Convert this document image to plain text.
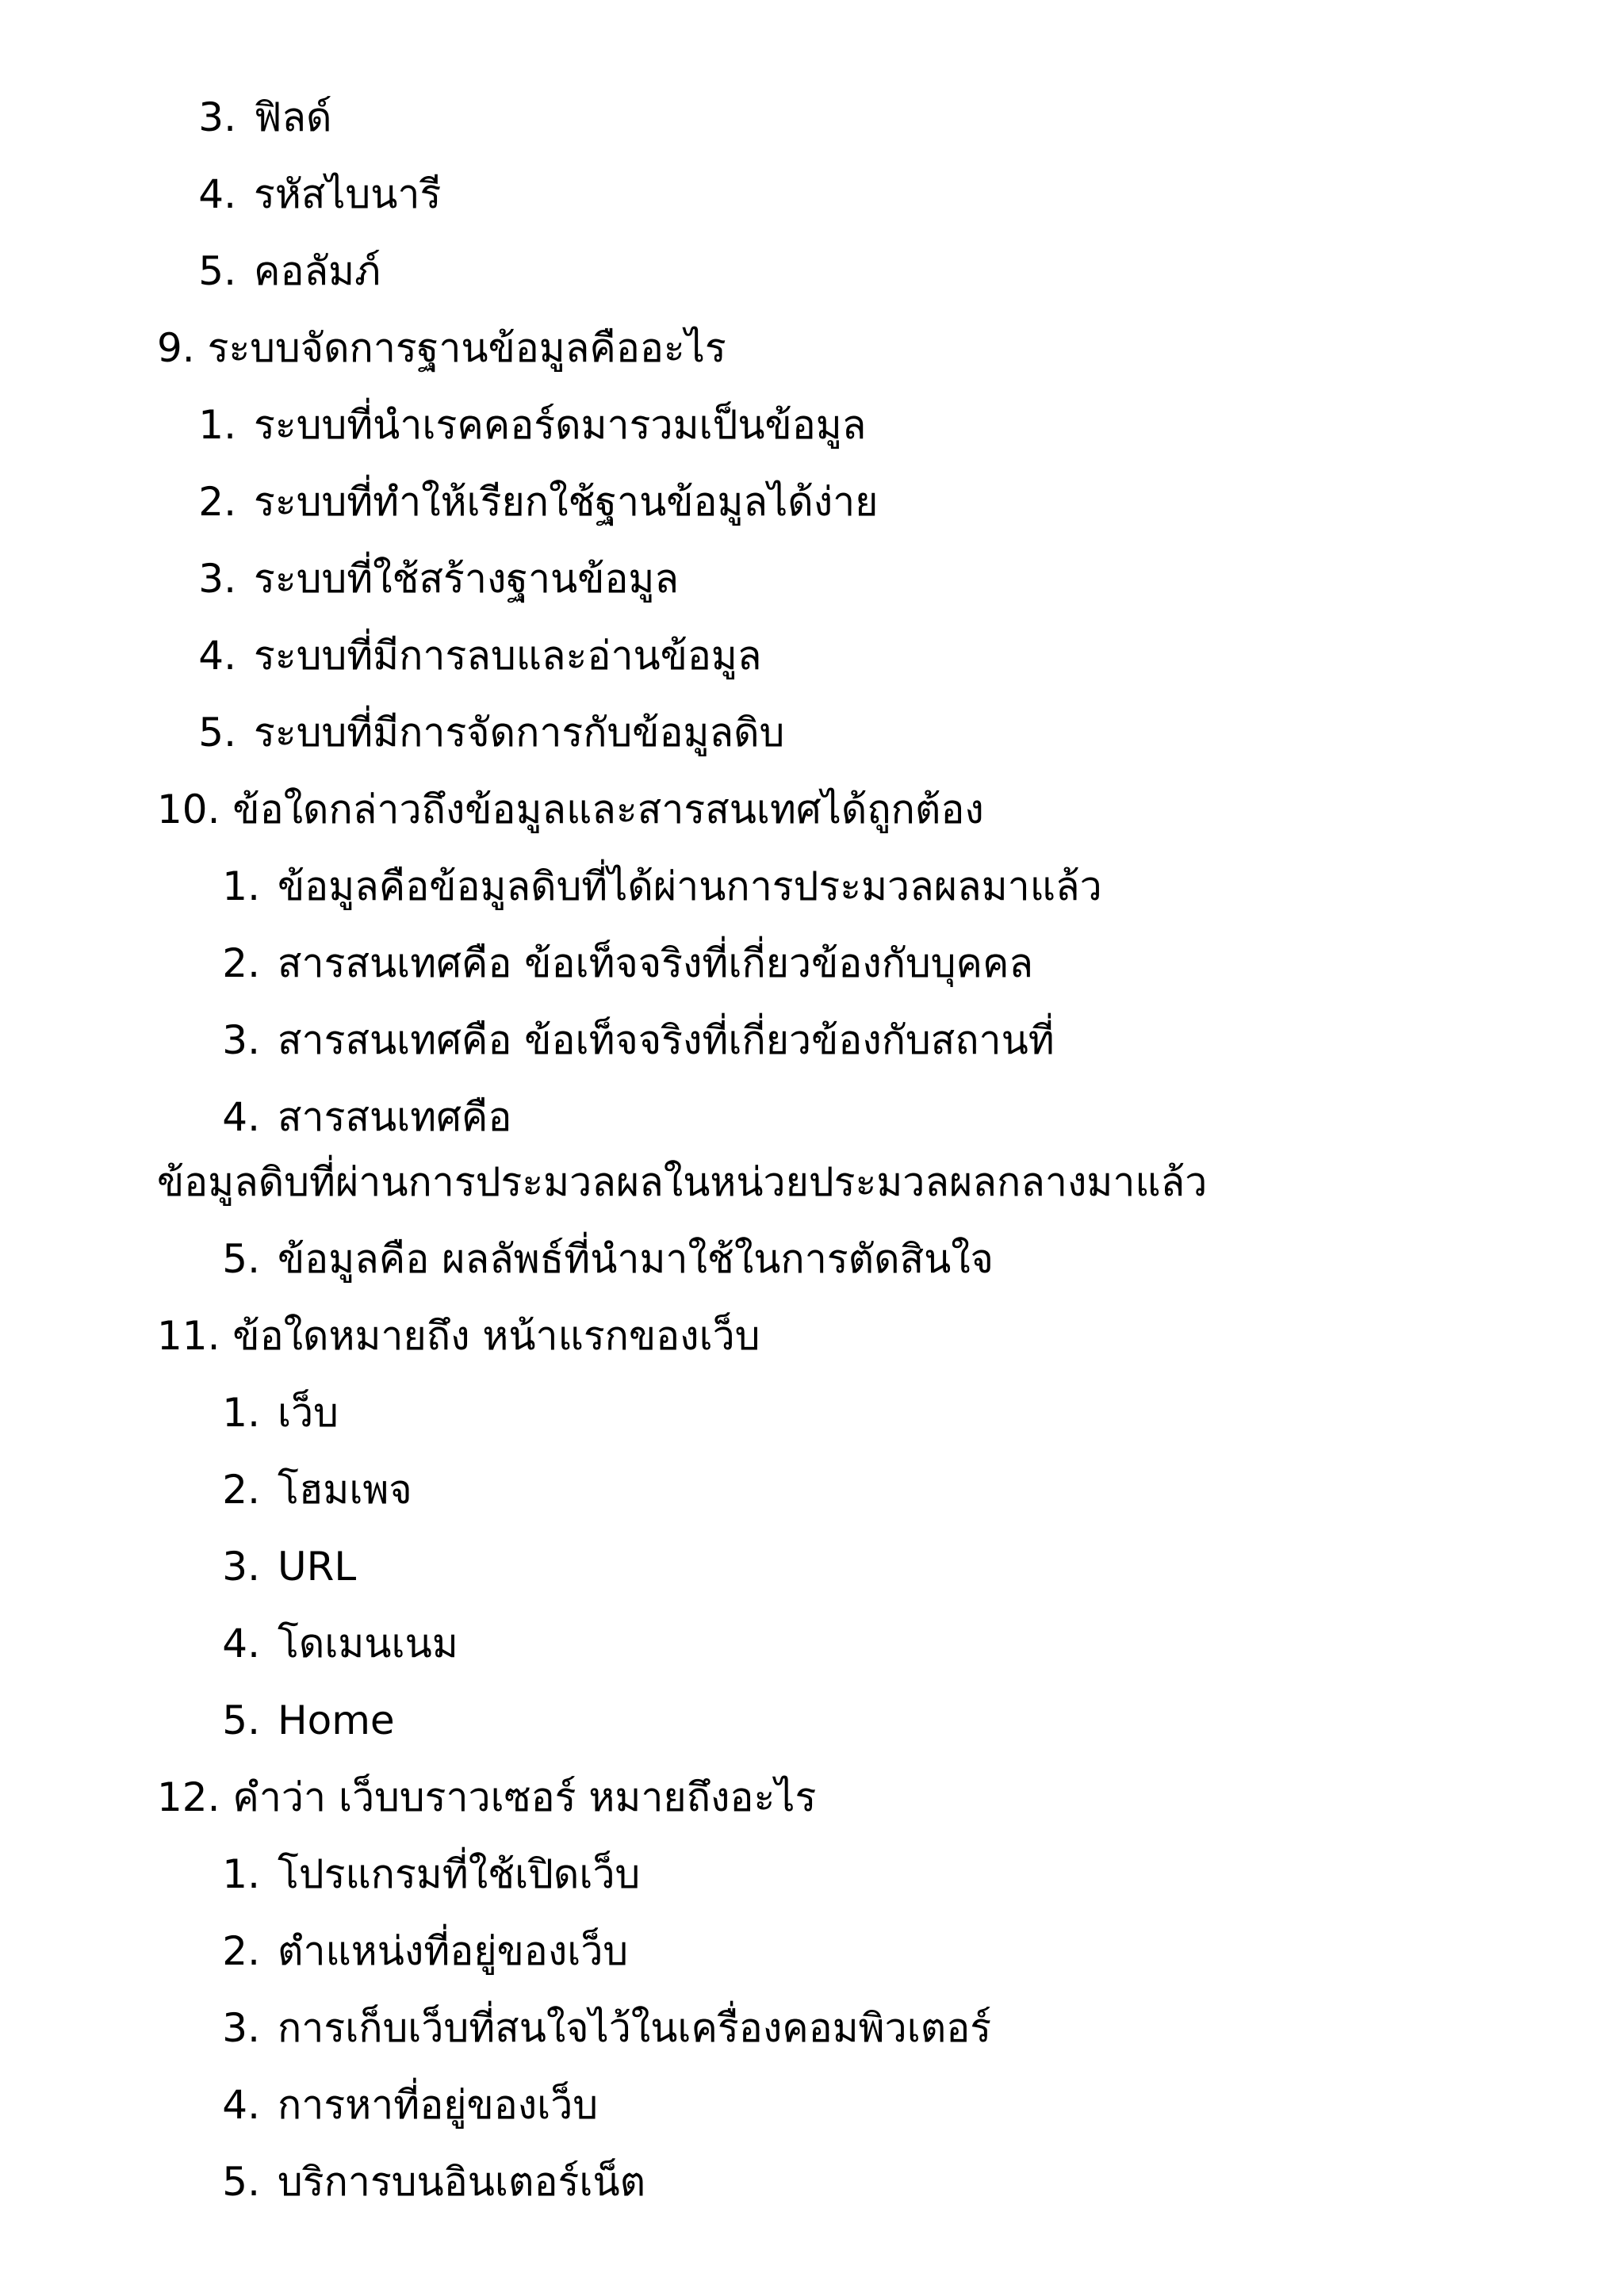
3. ฟิลด์
4. รหัสไบนารี
5. คอลัมภ์
9. ระบบจัดการฐานข้อมูลคืออะไร
1. ระบบที่นำเรคคอร์ดมารวมเป็นข้อมูล
2. ระบบที่ทำให้เรียกใช้ฐานข้อมูลได้ง่าย
3. ระบบที่ใช้สร้างฐานข้อมูล
4. ระบบที่มีการลบและอ่านข้อมูล
5. ระบบที่มีการจัดการกับข้อมูลดิบ
10. ข้อใดกล่าวถึงข้อมูลและสารสนเทศได้ถูกต้อง
1. ข้อมูลคือข้อมูลดิบที่ได้ผ่านการประมวลผลมาแล้ว
2. สารสนเทศคือ ข้อเท็จจริงที่เกี่ยวข้องกับบุคคล
3. สารสนเทศคือ ข้อเท็จจริงที่เกี่ยวข้องกับสถานที่
4. สารสนเทศคือ
ข้อมูลดิบที่ผ่านการประมวลผลในหน่วยประมวลผลกลางมาแล้ว
5. ข้อมูลคือ ผลลัพธ์ที่นำมาใช้ในการตัดสินใจ
11. ข้อใดหมายถึง หน้าแรกของเว็บ
1. เว็บ
2. โฮมเพจ
3. URL
4. โดเมนเนม
5. Home
12. คำว่า เว็บบราวเซอร์ หมายถึงอะไร
1. โปรแกรมที่ใช้เปิดเว็บ
2. ตำแหน่งที่อยู่ของเว็บ
3. การเก็บเว็บที่สนใจไว้ในเครื่องคอมพิวเตอร์
4. การหาที่อยู่ของเว็บ
5. บริการบนอินเตอร์เน็ต
